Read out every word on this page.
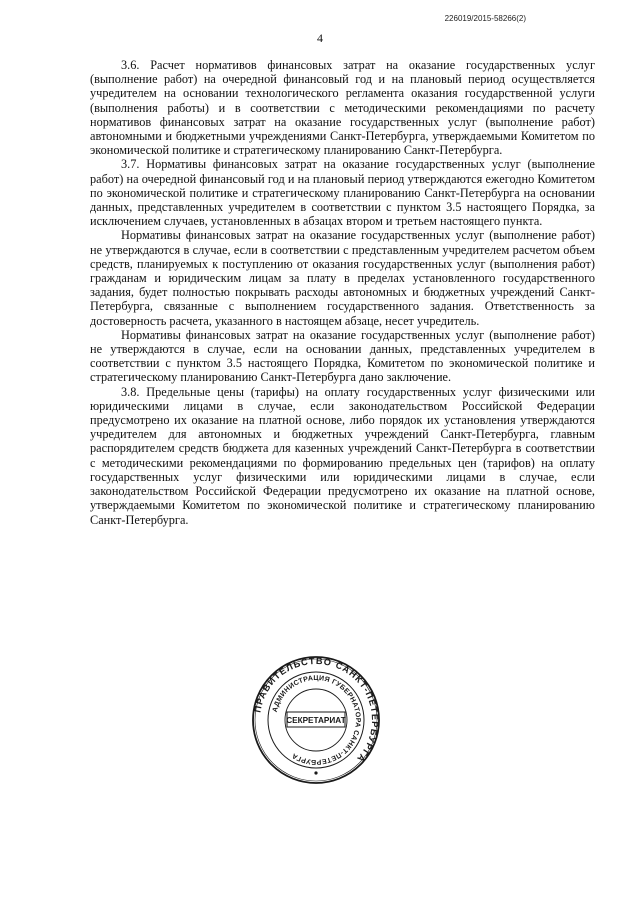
226019/2015-58266(2)
4

3.6. Расчет нормативов финансовых затрат на оказание государственных услуг (выполнение работ) на очередной финансовый год и на плановый период осуществляется учредителем на основании технологического регламента оказания государственной услуги (выполнения работы) и в соответствии с методическими рекомендациями по расчету нормативов финансовых затрат на оказание государственных услуг (выполнение работ) автономными и бюджетными учреждениями Санкт-Петербурга, утверждаемыми Комитетом по экономической политике и стратегическому планированию Санкт-Петербурга.

3.7. Нормативы финансовых затрат на оказание государственных услуг (выполнение работ) на очередной финансовый год и на плановый период утверждаются ежегодно Комитетом по экономической политике и стратегическому планированию Санкт-Петербурга на основании данных, представленных учредителем в соответствии с пунктом 3.5 настоящего Порядка, за исключением случаев, установленных в абзацах втором и третьем настоящего пункта.

Нормативы финансовых затрат на оказание государственных услуг (выполнение работ) не утверждаются в случае, если в соответствии с представленным учредителем расчетом объем средств, планируемых к поступлению от оказания государственных услуг (выполнения работ) гражданам и юридическим лицам за плату в пределах установленного государственного задания, будет полностью покрывать расходы автономных и бюджетных учреждений Санкт-Петербурга, связанные с выполнением государственного задания. Ответственность за достоверность расчета, указанного в настоящем абзаце, несет учредитель.

Нормативы финансовых затрат на оказание государственных услуг (выполнение работ) не утверждаются в случае, если на основании данных, представленных учредителем в соответствии с пунктом 3.5 настоящего Порядка, Комитетом по экономической политике и стратегическому планированию Санкт-Петербурга дано заключение.

3.8. Предельные цены (тарифы) на оплату государственных услуг физическими или юридическими лицами в случае, если законодательством Российской Федерации предусмотрено их оказание на платной основе, либо порядок их установления утверждаются учредителем для автономных и бюджетных учреждений Санкт-Петербурга, главным распорядителем средств бюджета для казенных учреждений Санкт-Петербурга в соответствии с методическими рекомендациями по формированию предельных цен (тарифов) на оплату государственных услуг физическими или юридическими лицами в случае, если законодательством Российской Федерации предусмотрено их оказание на платной основе, утверждаемыми Комитетом по экономической политике и стратегическому планированию Санкт-Петербурга.

ПРАВИТЕЛЬСТВО САНКТ-ПЕТЕРБУРГА
АДМИНИСТРАЦИЯ ГУБЕРНАТОРА САНКТ-ПЕТЕРБУРГА
СЕКРЕТАРИАТ
